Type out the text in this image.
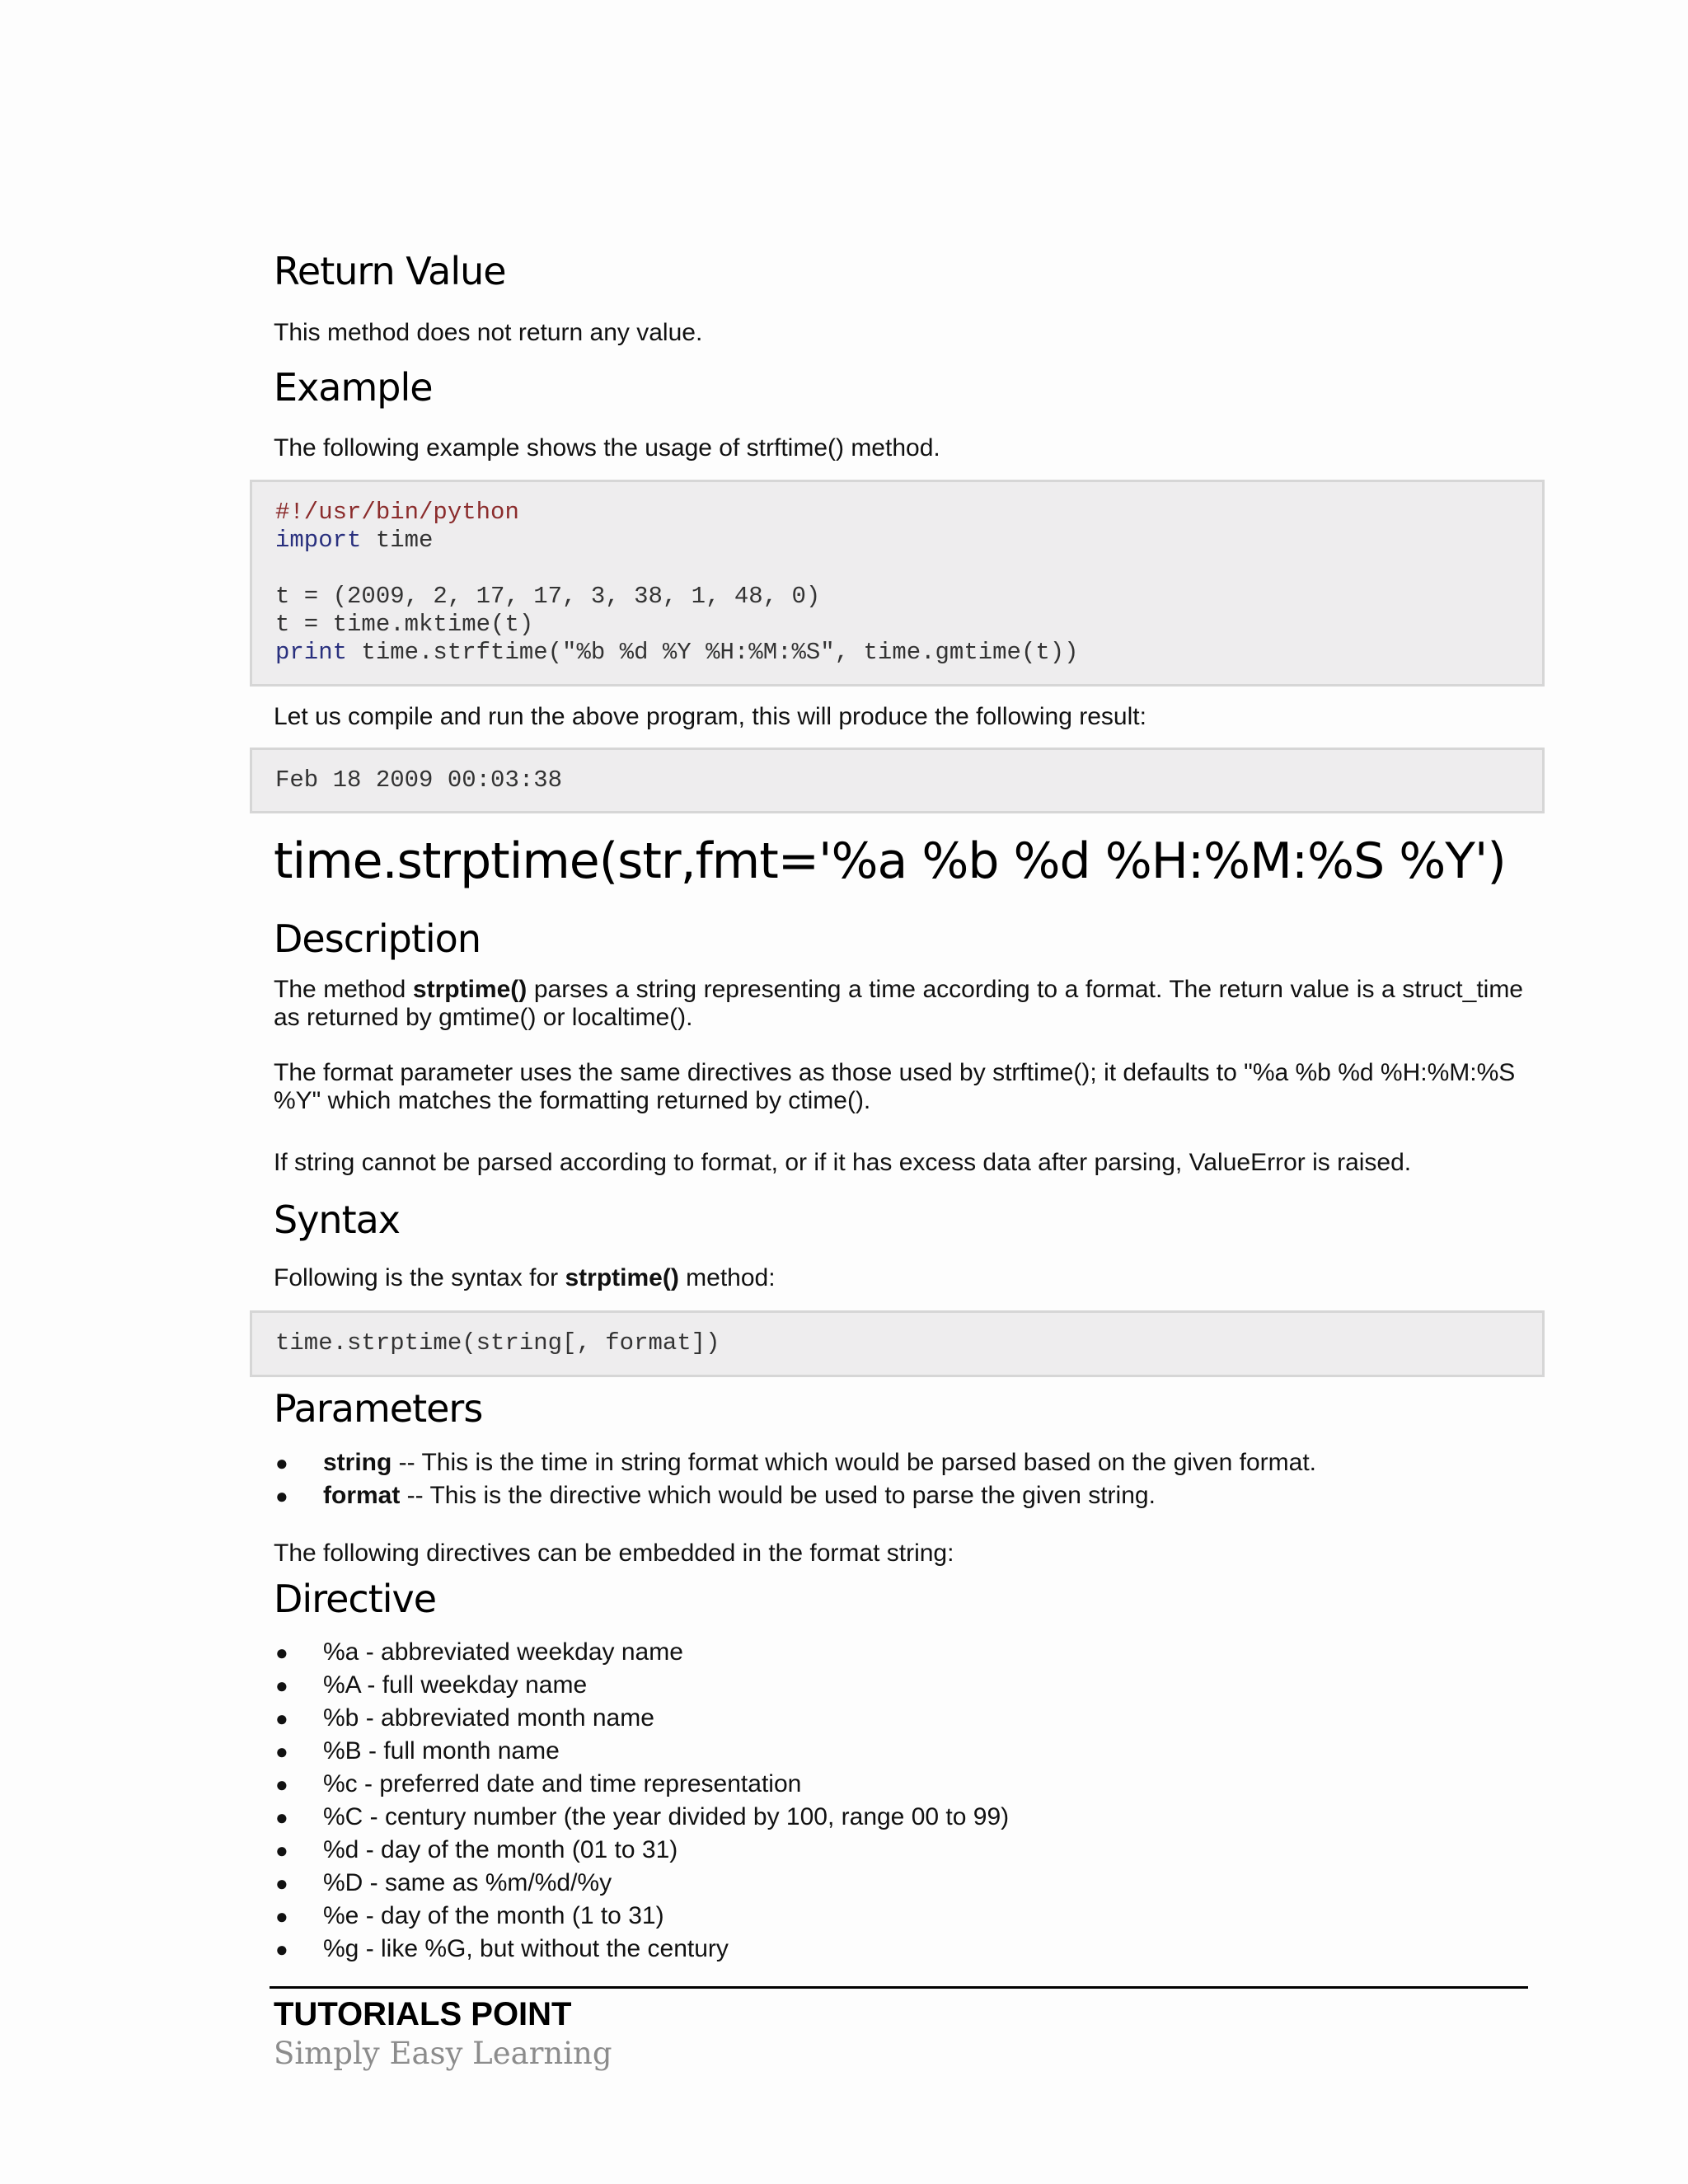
Return Value

This method does not return any value.

Example

The following example shows the usage of strftime() method.

#!/usr/bin/python
import time
t = (2009, 2, 17, 17, 3, 38, 1, 48, 0)
t = time.mktime(t)
print time.strftime("%b %d %Y %H:%M:%S", time.gmtime(t))

Let us compile and run the above program, this will produce the following result:

Feb 18 2009 00:03:38
time.strptime(str,fmt='%a %b %d %H:%M:%S %Y')
Description

The method strptime() parses a string representing a time according to a format. The return value is a struct_time as returned by gmtime() or localtime().

The format parameter uses the same directives as those used by strftime(); it defaults to "%a %b %d %H:%M:%S %Y" which matches the formatting returned by ctime().

If string cannot be parsed according to format, or if it has excess data after parsing, ValueError is raised.

Syntax

Following is the syntax for strptime() method:

time.strptime(string[, format])
Parameters
● string -- This is the time in string format which would be parsed based on the given format.
● format -- This is the directive which would be used to parse the given string.

The following directives can be embedded in the format string:

Directive
● %a - abbreviated weekday name
● %A - full weekday name
● %b - abbreviated month name
● %B - full month name
● %c - preferred date and time representation
● %C - century number (the year divided by 100, range 00 to 99)
● %d - day of the month (01 to 31)
● %D - same as %m/%d/%y
● %e - day of the month (1 to 31)
● %g - like %G, but without the century
TUTORIALS POINT
Simply Easy Learning
